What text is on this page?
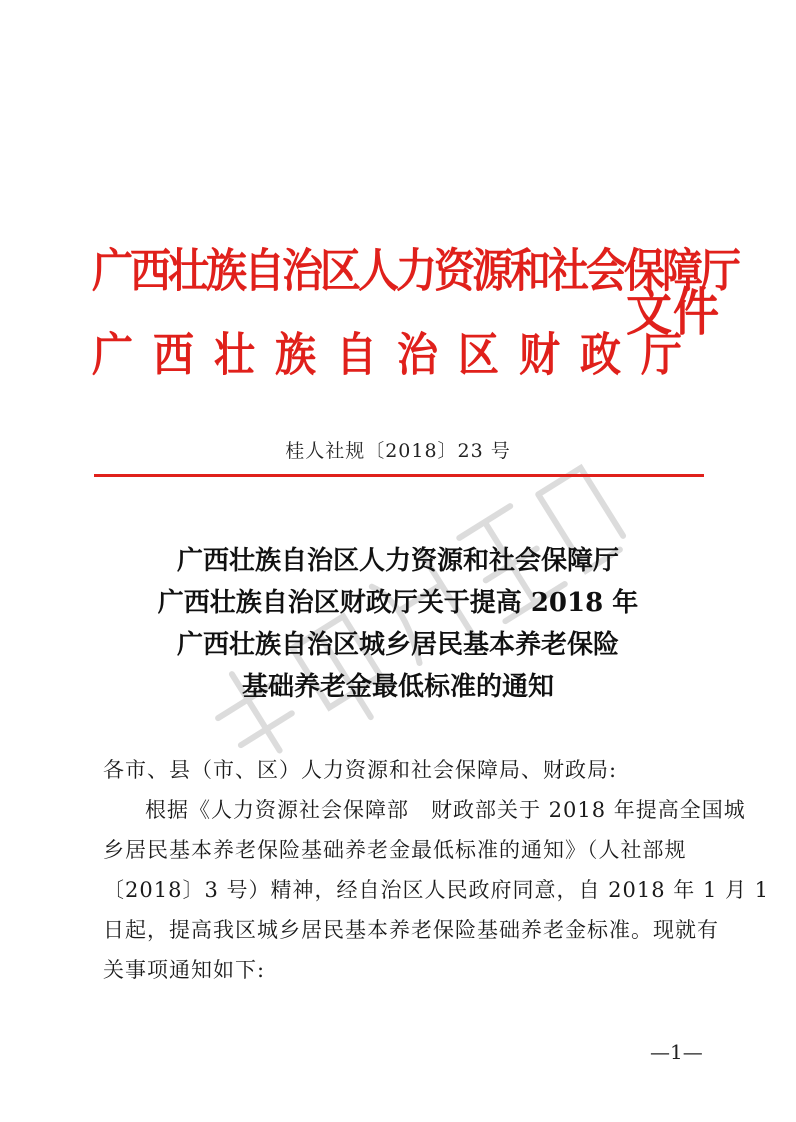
广西壮族自治区人力资源和社会保障厅
广西壮族自治区财政厅
文件
桂人社规〔2018〕23 号
广西壮族自治区人力资源和社会保障厅
广西壮族自治区财政厅关于提高 2018 年
广西壮族自治区城乡居民基本养老保险
基础养老金最低标准的通知

各市、县（市、区）人力资源和社会保障局、财政局:

根据《人力资源社会保障部　财政部关于 2018 年提高全国城
乡居民基本养老保险基础养老金最低标准的通知》（人社部规
〔2018〕3 号）精神，经自治区人民政府同意，自 2018 年 1 月 1
日起，提高我区城乡居民基本养老保险基础养老金标准。现就有
关事项通知如下:
—1—
